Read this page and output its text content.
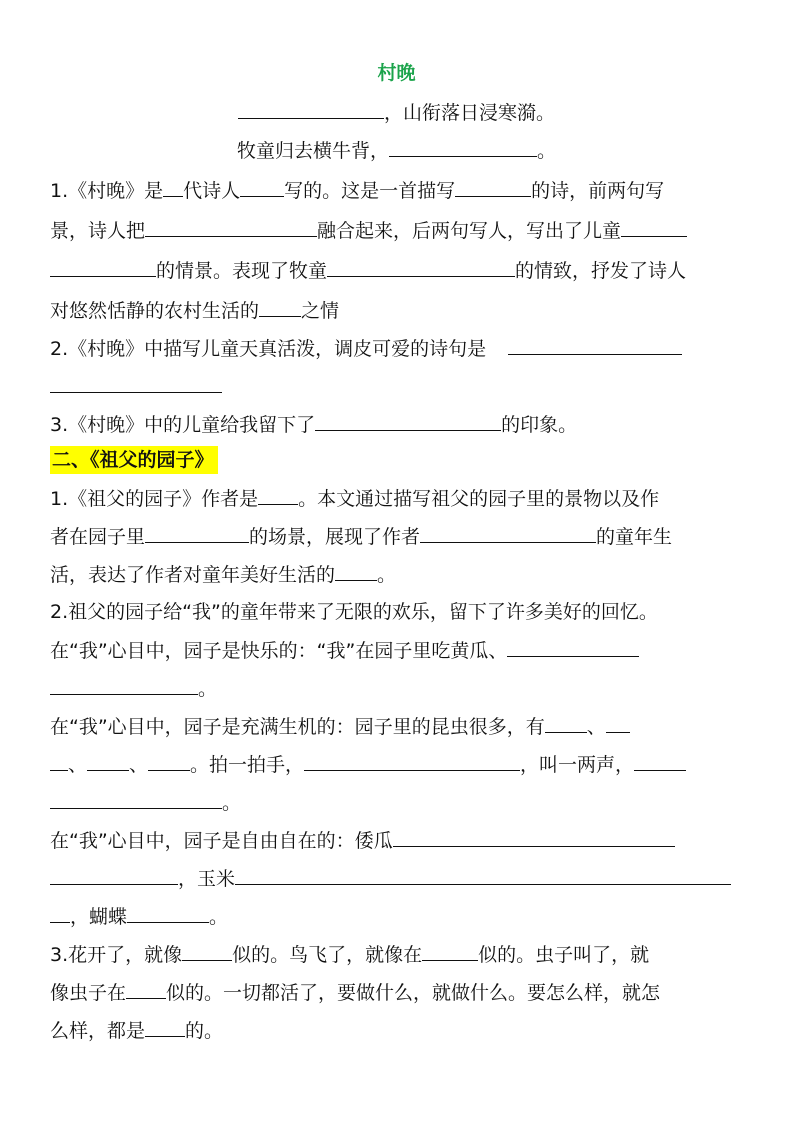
村晚
，山衔落日浸寒漪。
牧童归去横牛背，	。
1.《村晚》是 代诗人 写的。这是一首描写	的诗，前两句写
景，诗人把	融合起来，后两句写人，写出了儿童
的情景。表现了牧童	的情致，抒发了诗人
对悠然恬静的农村生活的 之情
2.《村晚》中描写儿童天真活泼，调皮可爱的诗句是
3.《村晚》中的儿童给我留下了	的印象。
二、《祖父的园子》
1.《祖父的园子》作者是 。本文通过描写祖父的园子里的景物以及作
者在园子里	的场景，展现了作者	的童年生
活，表达了作者对童年美好生活的 。
2.祖父的园子给“我”的童年带来了无限的欢乐，留下了许多美好的回忆。
在“我”心目中，园子是快乐的：“我”在园子里吃黄瓜、
。
在“我”心目中，园子是充满生机的：园子里的昆虫很多，有 、
、 、 。拍一拍手，	，叫一两声，
。
在“我”心目中，园子是自由自在的：倭瓜
，玉米
，蝴蝶	。
3.花开了，就像	似的。鸟飞了，就像在	似的。虫子叫了，就
像虫子在 似的。一切都活了，要做什么，就做什么。要怎么样，就怎
么样，都是 的。
